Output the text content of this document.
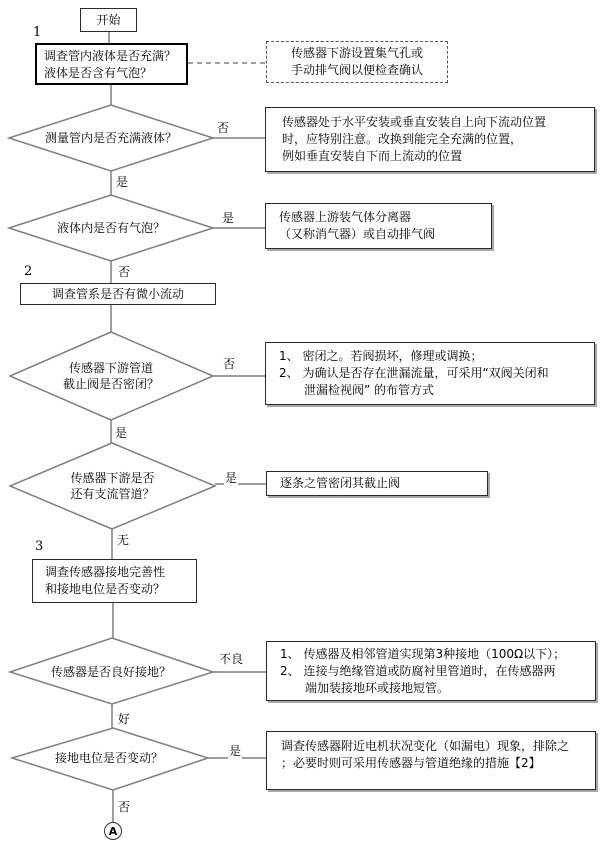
开始
1
2
3
调查管内液体是否充满？
液体是否含有气泡？
传感器下游设置集气孔或
手动排气阀以便检查确认
测量管内是否充满液体？
否
是
传感器处于水平安装或垂直安装自上向下流动位置
时，应特别注意。改换到能完全充满的位置，
例如垂直安装自下而上流动的位置
液体内是否有气泡？
是
否
传感器上游装气体分离器
（又称消气器）或自动排气阀
调查管系是否有微小流动
传感器下游管道
截止阀是否密闭？
否
是
1、 密闭之。若阀损坏，修理或调换；
2、 为确认是否存在泄漏流量，可采用“双阀关闭和
泄漏检视阀” 的布管方式
传感器下游是否
还有支流管道？
是
无
逐条之管密闭其截止阀
调查传感器接地完善性
和接地电位是否变动？
传感器是否良好接地？
不良
好
1、 传感器及相邻管道实现第3种接地（100Ω以下）；
2、 连接与绝缘管道或防腐衬里管道时，在传感器两
端加装接地环或接地短管。
接地电位是否变动？	是
否
调查传感器附近电机状况变化（如漏电）现象，排除之
；必要时则可采用传感器与管道绝缘的措施【2】
A
